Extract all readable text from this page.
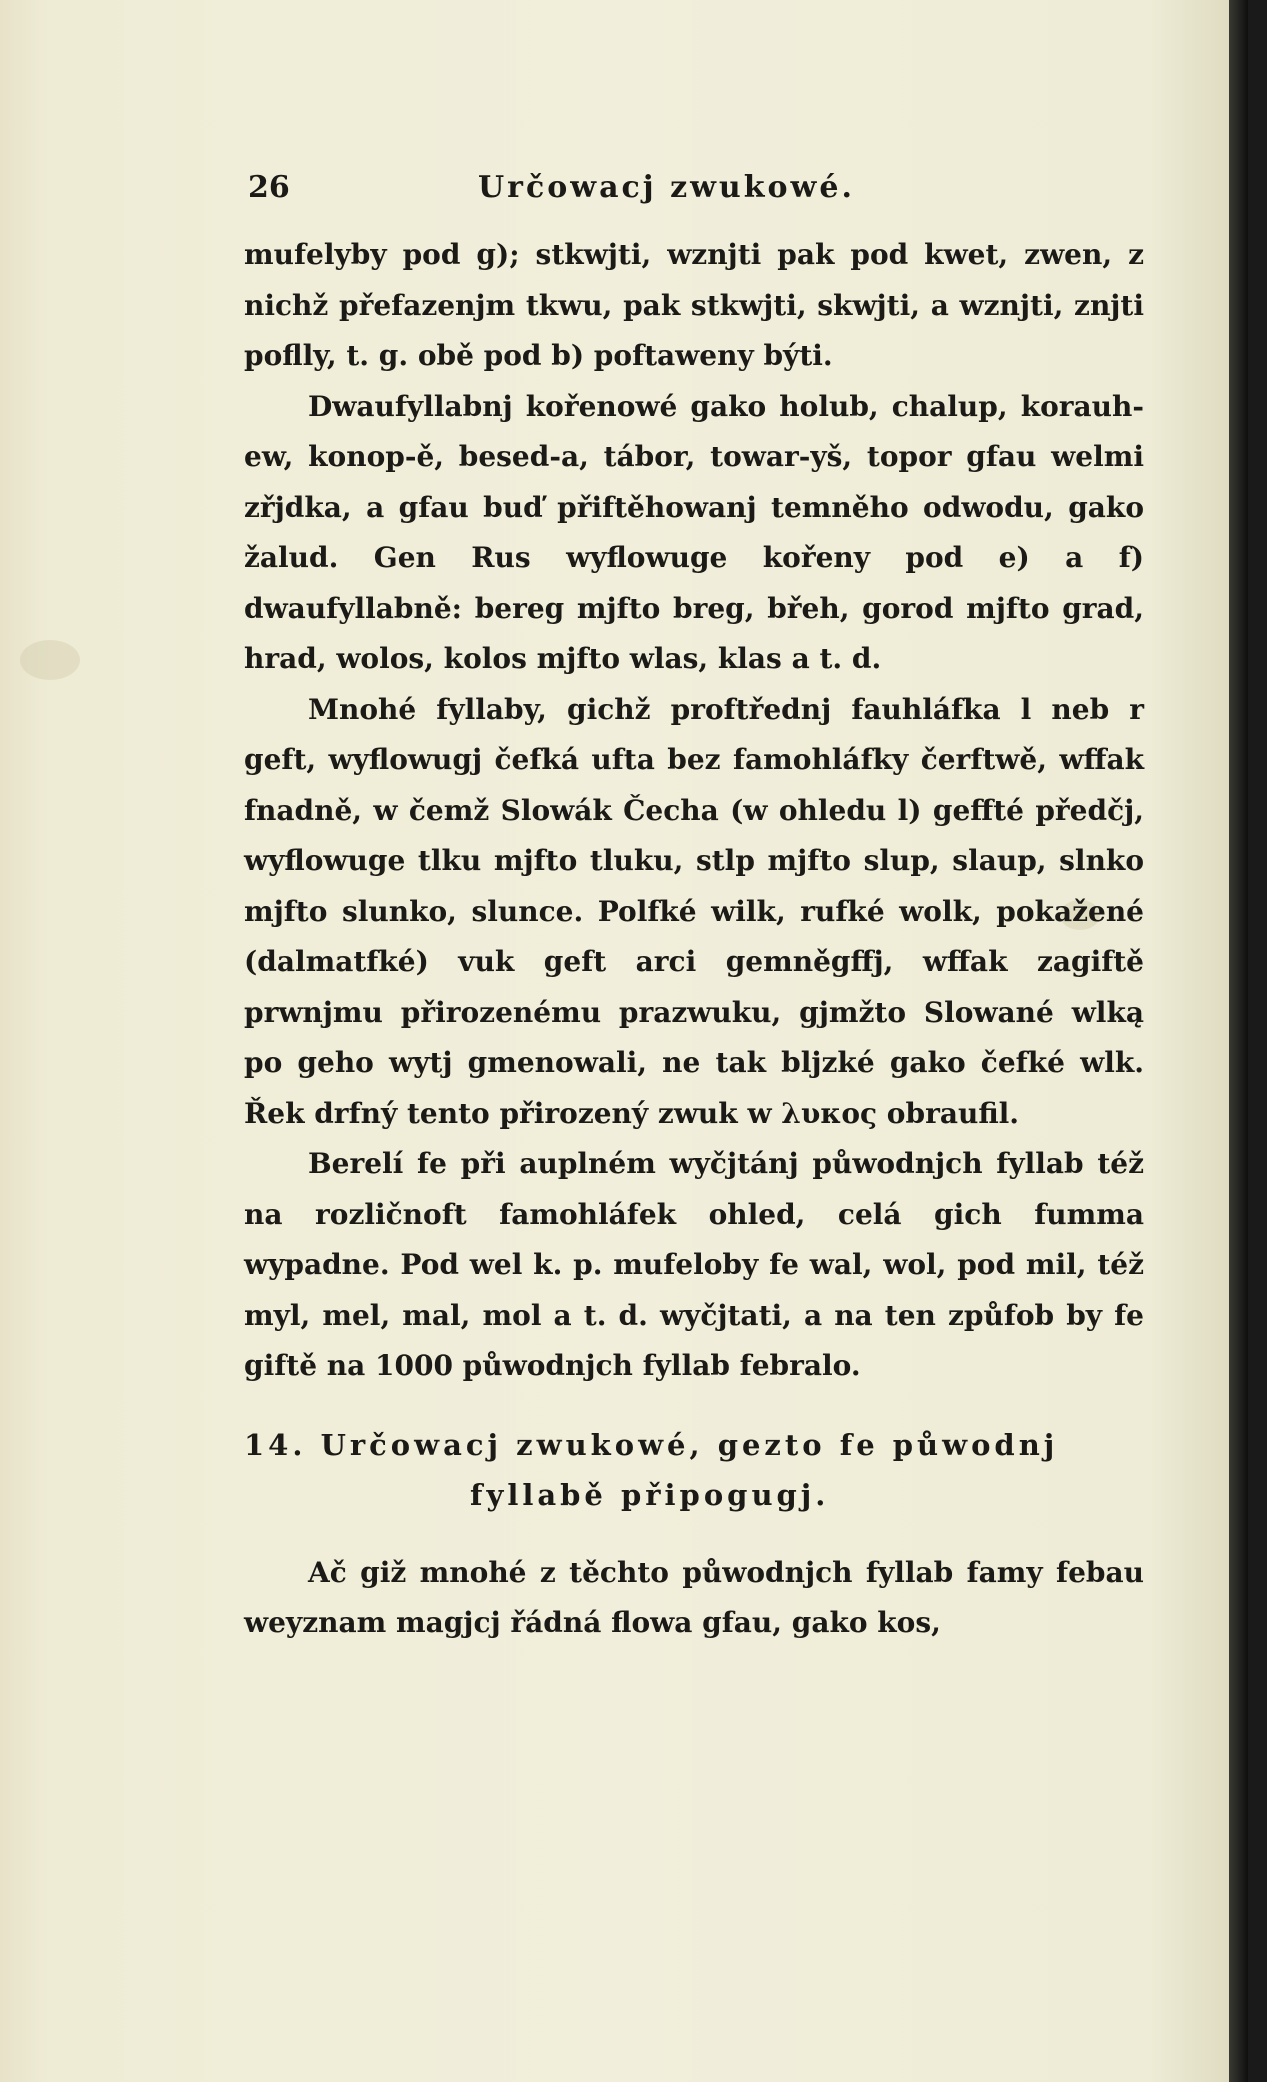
26	Určowacj zwukowé.

mufelyby pod g); stkwjti, wznjti pak pod kwet, zwen, z nichž přefazenjm tkwu, pak stkwjti, skwjti, a wznjti, znjti poflly, t. g. obě pod b) poftaweny býti.

Dwaufyllabnj kořenowé gako holub, chalup, korauh-ew, konop-ě, besed-a, tábor, towar-yš, topor gfau welmi zřjdka, a gfau buď přiftěhowanj temněho odwodu, gako žalud. Gen Rus wyflowuge kořeny pod e) a f) dwaufyllabně: bereg mjfto breg, břeh, gorod mjfto grad, hrad, wolos, kolos mjfto wlas, klas a t. d.

Mnohé fyllaby, gichž proftřednj fauhláfka l neb r geft, wyflowugj čefká ufta bez famohláfky čerftwě, wffak fnadně, w čemž Slowák Čecha (w ohledu l) geffté předčj, wyflowuge tlku mjfto tluku, stlp mjfto slup, slaup, slnko mjfto slunko, slunce. Polfké wilk, rufké wolk, pokažené (dalmatfké) vuk geft arci gemněgffj, wffak zagiftě prwnjmu přirozenému prazwuku, gjmžto Slowané wlką po geho wytj gmenowali, ne tak bljzké gako čefké wlk. Řek drfný tento přirozený zwuk w λυκος obraufil.

Berelí fe při auplném wyčjtánj půwodnjch fyllab též na rozličnoft famohláfek ohled, celá gich fumma wypadne. Pod wel k. p. mufeloby fe wal, wol, pod mil, též myl, mel, mal, mol a t. d. wyčjtati, a na ten způfob by fe giftě na 1000 půwodnjch fyllab febralo.

14. Určowacj zwukowé, gezto fe půwodnj
fyllabě připogugj.

Ač giž mnohé z těchto půwodnjch fyllab famy febau weyznam magjcj řádná flowa gfau, gako kos,
